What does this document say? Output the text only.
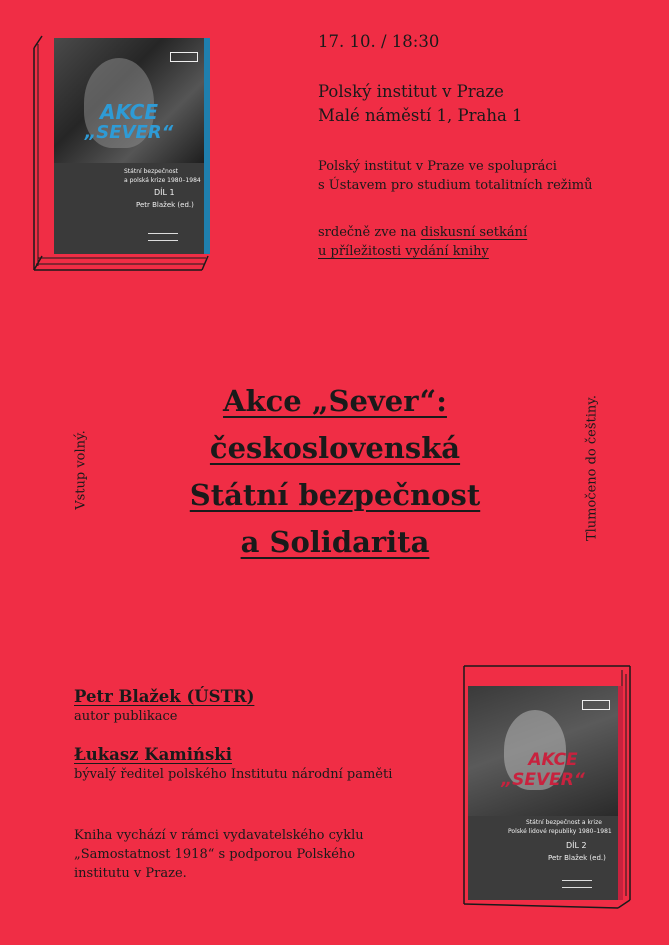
AKCE
„SEVER“
Státní bezpečnost
a polská krize 1980–1984
DÍL 1
Petr Blažek (ed.)
17. 10. / 18:30
Polský institut v Praze
Malé náměstí 1, Praha 1
Polský institut v Praze ve spolupráci
s Ústavem pro studium totalitních režimů
srdečně zve na diskusní setkání
u příležitosti vydání knihy
Vstup volný.	Tlumočeno do češtiny.
Akce „Sever“:
československá
Státní bezpečnost
a Solidarita
Petr Blažek (ÚSTR)
autor publikace
Łukasz Kamiński
bývalý ředitel polského Institutu národní paměti
Kniha vychází v rámci vydavatelského cyklu
„Samostatnost 1918“ s podporou Polského
institutu v Praze.
AKCE
„SEVER“
Státní bezpečnost a krize
Polské lidové republiky 1980–1981
DÍL 2
Petr Blažek (ed.)
